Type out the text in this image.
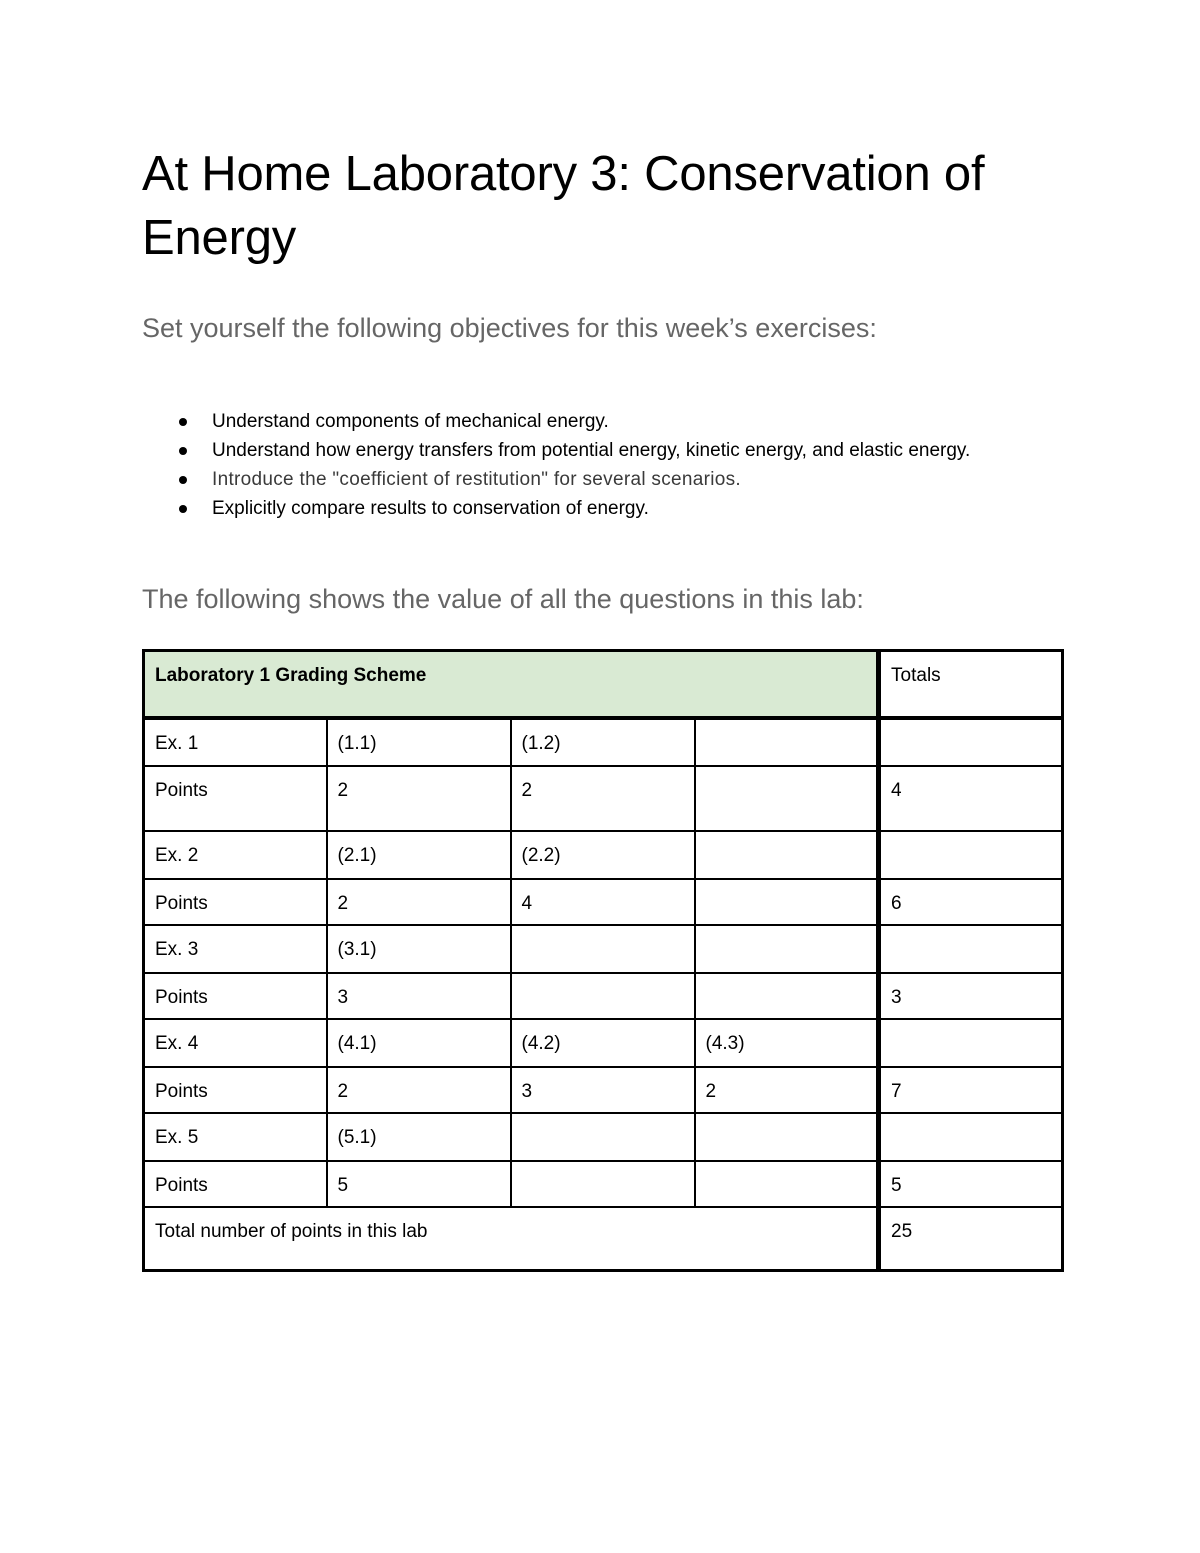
At Home Laboratory 3: Conservation of Energy
Set yourself the following objectives for this week’s exercises:
Understand components of mechanical energy.
Understand how energy transfers from potential energy, kinetic energy, and elastic energy.
Introduce the "coefficient of restitution" for several scenarios.
Explicitly compare results to conservation of energy.
The following shows the value of all the questions in this lab:
Laboratory 1 Grading Scheme				Totals
Ex. 1	(1.1)	(1.2)		
Points	2	2		4
Ex. 2	(2.1)	(2.2)		
Points	2	4		6
Ex. 3	(3.1)			
Points	3			3
Ex. 4	(4.1)	(4.2)	(4.3)	
Points	2	3	2	7
Ex. 5	(5.1)			
Points	5			5
Total number of points in this lab				25
